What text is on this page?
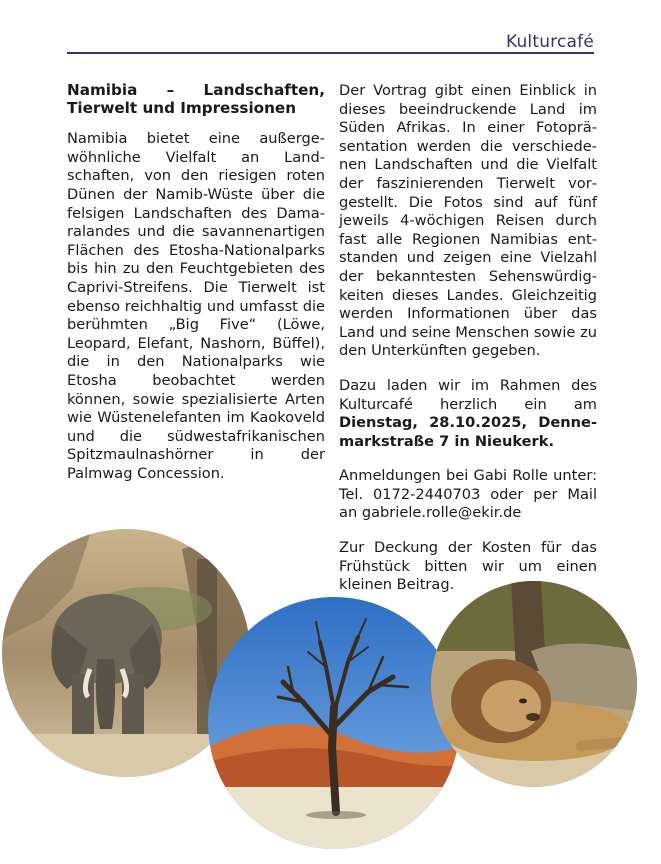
Kulturcafé
Namibia – Landschaften,
Tierwelt und Impressionen

Namibia bietet eine außergewöhnliche Vielfalt an Landschaften, von den riesigen roten Dünen der Namib-Wüste über die felsigen Landschaften des Damaralandes und die savannenartigen Flächen des Etosha-Nationalparks bis hin zu den Feuchtgebieten des Caprivi-Streifens. Die Tierwelt ist ebenso reichhaltig und umfasst die berühmten „Big Five“ (Löwe, Leopard, Elefant, Nashorn, Büffel), die in den Nationalparks wie Etosha beobachtet werden können, sowie spezialisierte Arten wie Wüstenelefanten im Kaokoveld und die südwestafrikanischen Spitzmaulnashörner in der Palmwag Concession.

Der Vortrag gibt einen Einblick in dieses beeindruckende Land im Süden Afrikas. In einer Fotopräsentation werden die verschiedenen Landschaften und die Vielfalt der faszinierenden Tierwelt vorgestellt. Die Fotos sind auf fünf jeweils 4-wöchigen Reisen durch fast alle Regionen Namibias entstanden und zeigen eine Vielzahl der bekanntesten Sehenswürdigkeiten dieses Landes. Gleichzeitig werden Informationen über das Land und seine Menschen sowie zu den Unterkünften gegeben.

Dazu laden wir im Rahmen des Kulturcafé herzlich ein am Dienstag, 28.10.2025, Dennemarkstraße 7 in Nieukerk.

Anmeldungen bei Gabi Rolle unter: Tel. 0172-2440703 oder per Mail an gabriele.rolle@ekir.de

Zur Deckung der Kosten für das Frühstück bitten wir um einen kleinen Beitrag.
